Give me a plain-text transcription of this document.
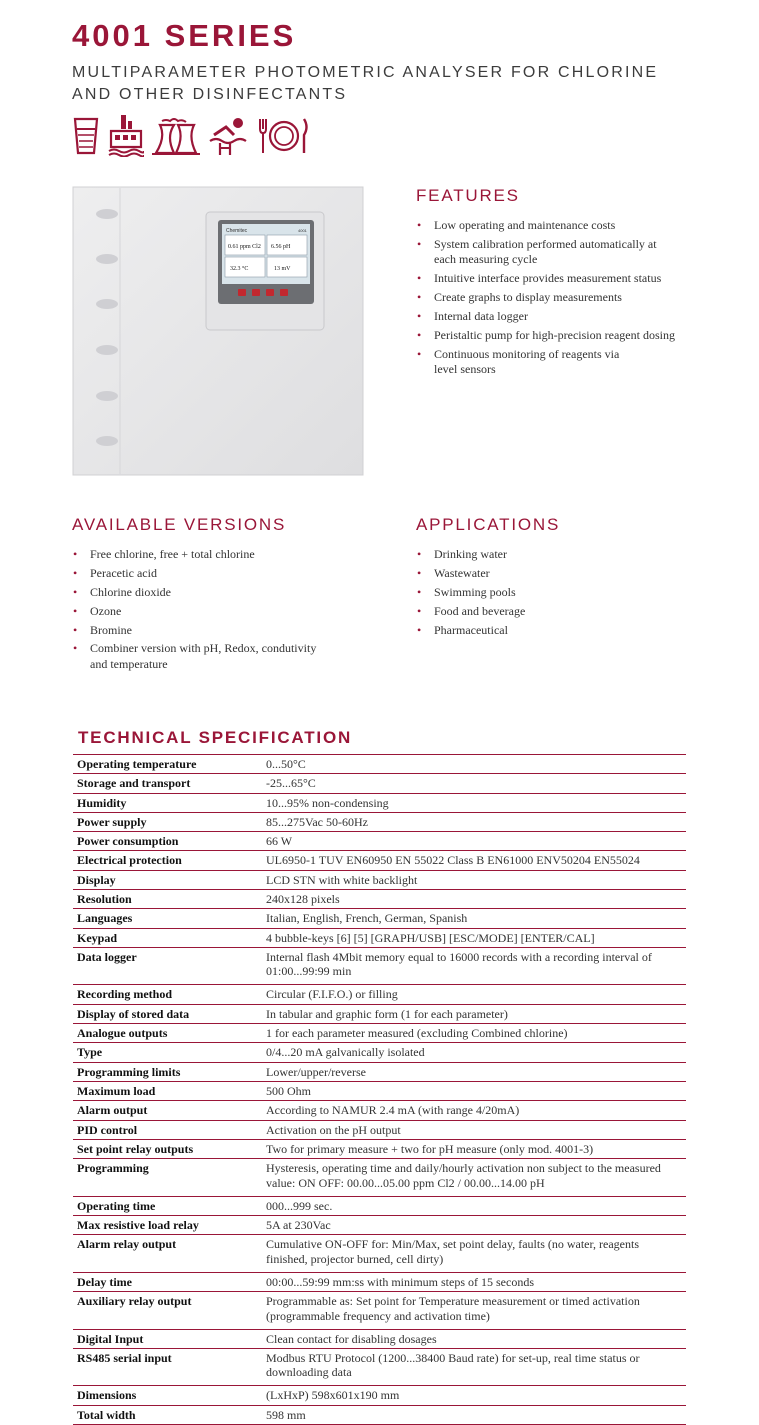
4001 SERIES
MULTIPARAMETER PHOTOMETRIC ANALYSER FOR CHLORINE
AND OTHER DISINFECTANTS
Chemitec	4001
0.61 ppm Cl2 6.56 pH
32.3 °C	13 mV
FEATURES
• Low operating and maintenance costs
• System calibration performed automatically at each measuring cycle
• Intuitive interface provides measurement status
• Create graphs to display measurements
• Internal data logger
• Peristaltic pump for high-precision reagent dosing
• Continuous monitoring of reagents via level sensors
AVAILABLE VERSIONS
• Free chlorine, free + total chlorine
• Peracetic acid
• Chlorine dioxide
• Ozone
• Bromine
• Combiner version with pH, Redox, condutivity and temperature
APPLICATIONS
• Drinking water
• Wastewater
• Swimming pools
• Food and beverage
• Pharmaceutical
TECHNICAL SPECIFICATION
Operating temperature	0...50°C
Storage and transport	-25...65°C
Humidity	10...95% non-condensing
Power supply	85...275Vac 50-60Hz
Power consumption	66 W
Electrical protection	UL6950-1 TUV EN60950 EN 55022 Class B EN61000 ENV50204 EN55024
Display	LCD STN with white backlight
Resolution	240x128 pixels
Languages	Italian, English, French, German, Spanish
Keypad	4 bubble-keys [6] [5] [GRAPH/USB] [ESC/MODE] [ENTER/CAL]
Data logger	Internal flash 4Mbit memory equal to 16000 records with a recording interval of 01:00...99:99 min
Recording method	Circular (F.I.F.O.) or filling
Display of stored data	In tabular and graphic form (1 for each parameter)
Analogue outputs	1 for each parameter measured (excluding Combined chlorine)
Type	0/4...20 mA galvanically isolated
Programming limits	Lower/upper/reverse
Maximum load	500 Ohm
Alarm output	According to NAMUR 2.4 mA (with range 4/20mA)
PID control	Activation on the pH output
Set point relay outputs	Two for primary measure + two for pH measure (only mod. 4001-3)
Programming	Hysteresis, operating time and daily/hourly activation non subject to the measured value: ON OFF: 00.00...05.00 ppm Cl2 / 00.00...14.00 pH
Operating time	000...999 sec.
Max resistive load relay	5A at 230Vac
Alarm relay output	Cumulative ON-OFF for: Min/Max, set point delay, faults (no water, reagents finished, projector burned, cell dirty)
Delay time	00:00...59:99 mm:ss with minimum steps of 15 seconds
Auxiliary relay output	Programmable as: Set point for Temperature measurement or timed activation (programmable frequency and activation time)
Digital Input	Clean contact for disabling dosages
RS485 serial input	Modbus RTU Protocol (1200...38400 Baud rate) for set-up, real time status or downloading data
Dimensions	(LxHxP) 598x601x190 mm
Total width	598 mm
